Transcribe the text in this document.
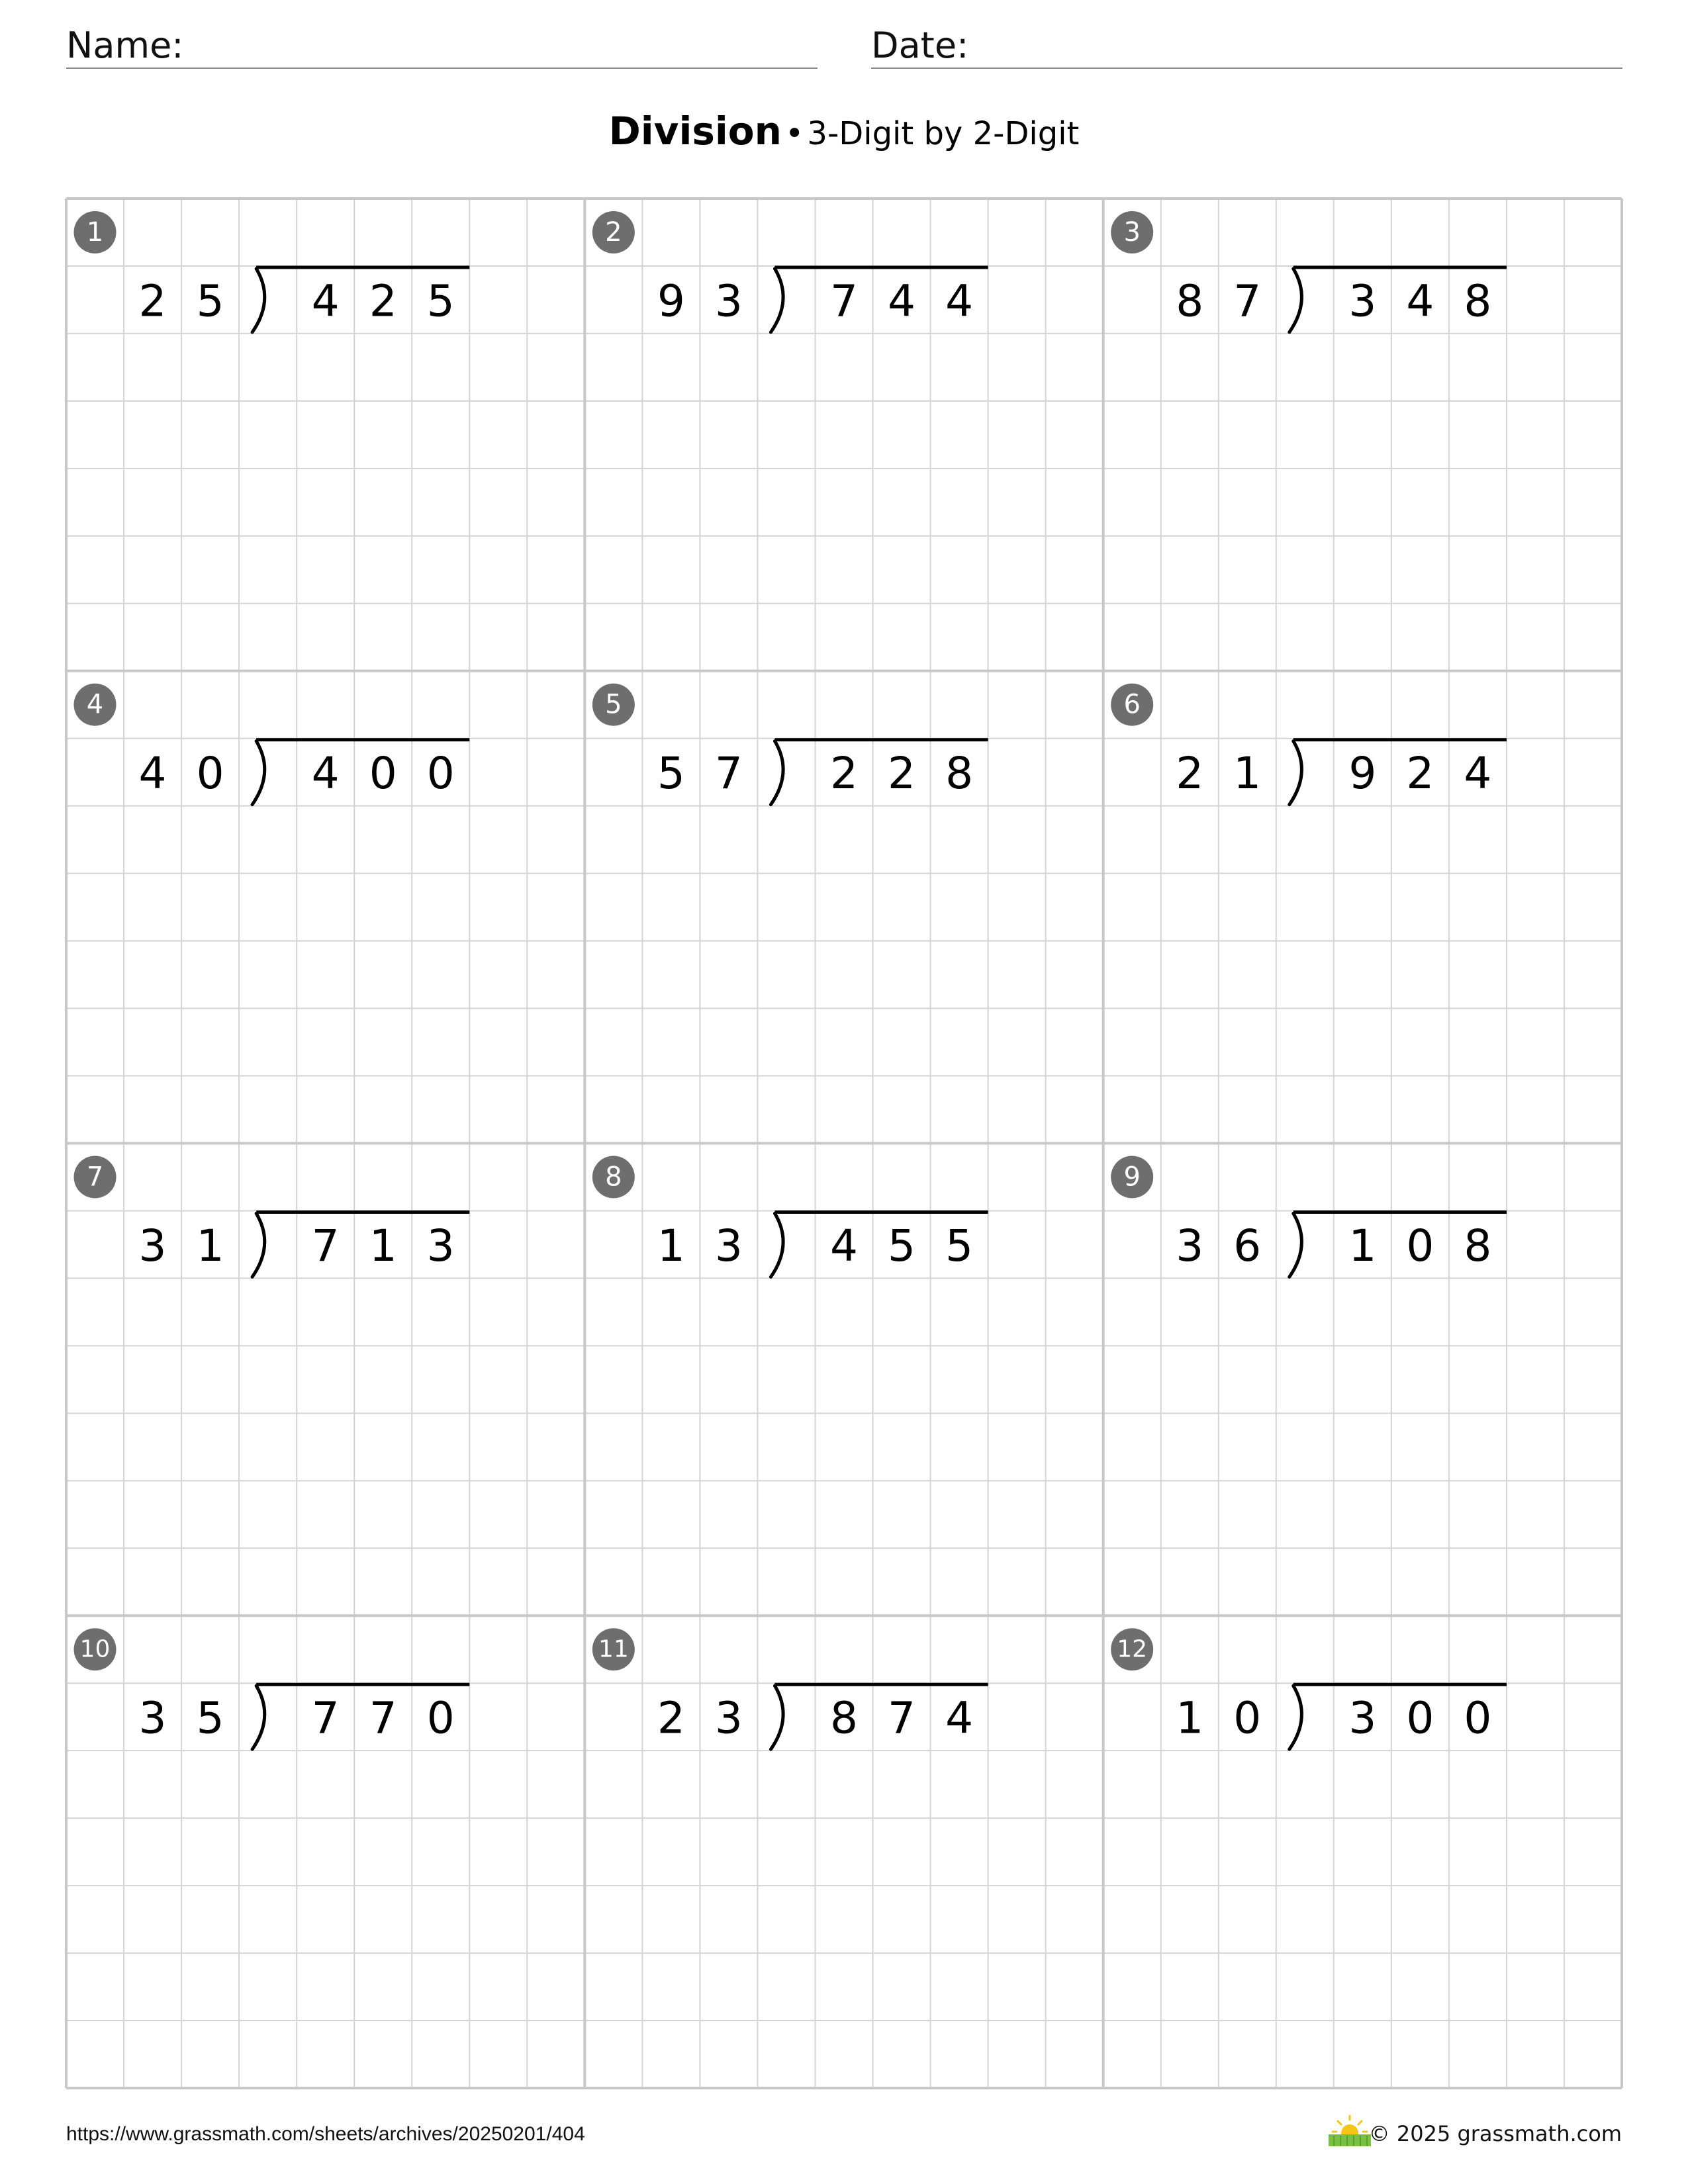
Name:	Date:
Division • 3-Digit by 2-Digit
1
2 5 4 2 5
2
9 3 7 4 4
3
8 7 3 4 8
4
4 0 4 0 0
5
5 7 2 2 8
6
2 1 9 2 4
7
3 1 7 1 3
8
1 3 4 5 5
9
3 6 1 0 8
10
3 5 7 7 0
11
2 3 8 7 4
12
1 0 3 0 0
https://www.grassmath.com/sheets/archives/20250201/404	© 2025 grassmath.com
